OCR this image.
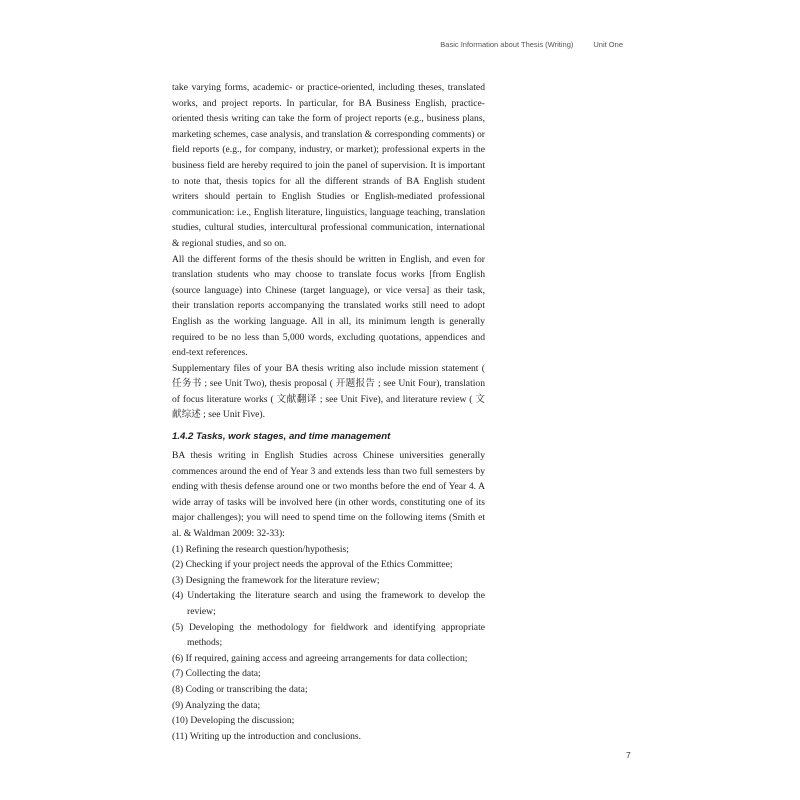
Basic Information about Thesis (Writing)	Unit One

take varying forms, academic- or practice-oriented, including theses, translated works, and project reports. In particular, for BA Business English, practice-oriented thesis writing can take the form of project reports (e.g., business plans, marketing schemes, case analysis, and translation & corresponding comments) or field reports (e.g., for company, industry, or market); professional experts in the business field are hereby required to join the panel of supervision. It is important to note that, thesis topics for all the different strands of BA English student writers should pertain to English Studies or English-mediated professional communication: i.e., English literature, linguistics, language teaching, translation studies, cultural studies, intercultural professional communication, international & regional studies, and so on.

All the different forms of the thesis should be written in English, and even for translation students who may choose to translate focus works [from English (source language) into Chinese (target language), or vice versa] as their task, their translation reports accompanying the translated works still need to adopt English as the working language. All in all, its minimum length is generally required to be no less than 5,000 words, excluding quotations, appendices and end-text references.

Supplementary files of your BA thesis writing also include mission statement ( 任务书 ; see Unit Two), thesis proposal ( 开题报告 ; see Unit Four), translation of focus literature works ( 文献翻译 ; see Unit Five), and literature review ( 文献综述 ; see Unit Five).

1.4.2 Tasks, work stages, and time management

BA thesis writing in English Studies across Chinese universities generally commences around the end of Year 3 and extends less than two full semesters by ending with thesis defense around one or two months before the end of Year 4. A wide array of tasks will be involved here (in other words, constituting one of its major challenges); you will need to spend time on the following items (Smith et al. & Waldman 2009: 32-33):

(1) Refining the research question/hypothesis;
(2) Checking if your project needs the approval of the Ethics Committee;
(3) Designing the framework for the literature review;
(4) Undertaking the literature search and using the framework to develop the review;
(5) Developing the methodology for fieldwork and identifying appropriate methods;
(6) If required, gaining access and agreeing arrangements for data collection;
(7) Collecting the data;
(8) Coding or transcribing the data;
(9) Analyzing the data;
(10) Developing the discussion;
(11) Writing up the introduction and conclusions.
7
